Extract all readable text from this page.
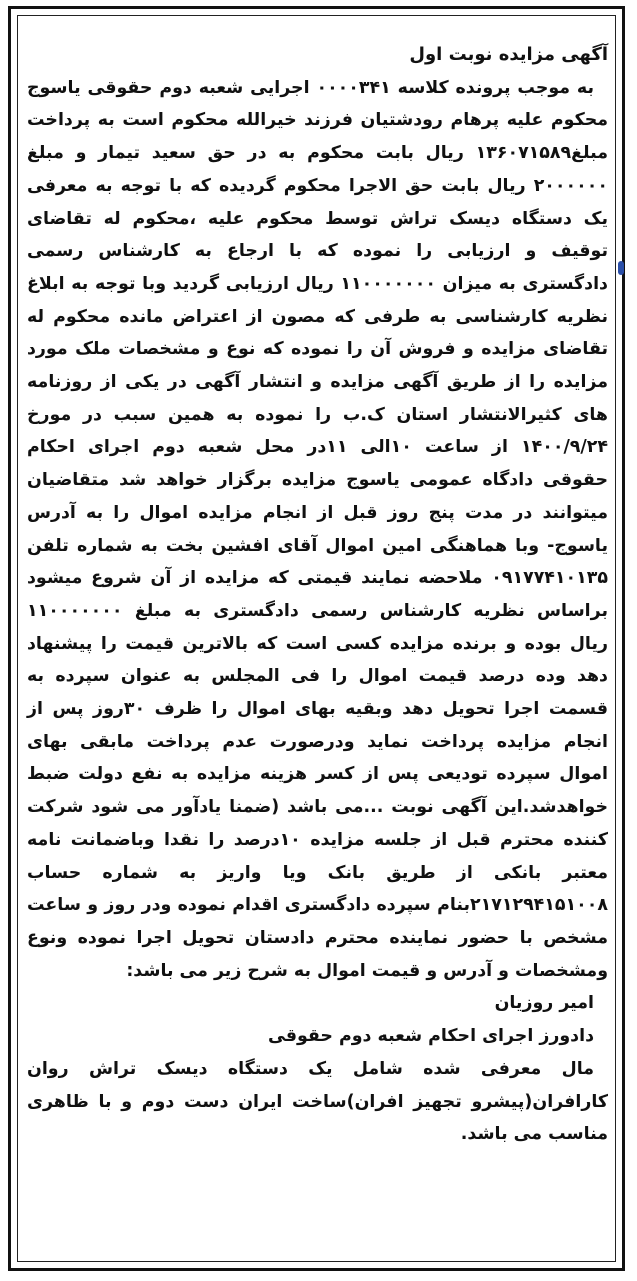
آگهی مزایده نوبت اول

به موجب پرونده کلاسه ۰۰۰۰۳۴۱ اجرایی شعبه دوم حقوقی یاسوج محکوم علیه پرهام رودشتیان فرزند خیرالله محکوم است به پرداخت مبلغ۱۳۶۰۷۱۵۸۹ ریال بابت محکوم به در حق سعید تیمار و مبلغ ۲۰۰۰۰۰۰ ریال بابت حق الاجرا محکوم گردیده که با توجه به معرفی یک دستگاه دیسک تراش توسط محکوم علیه ،محکوم له تقاضای توقیف و ارزیابی را نموده که با ارجاع به کارشناس رسمی دادگستری به میزان ۱۱۰۰۰۰۰۰۰ ریال ارزیابی گردید وبا توجه به ابلاغ نظریه کارشناسی به طرفی که مصون از اعتراض مانده محکوم له تقاضای مزایده و فروش آن را نموده که نوع و مشخصات ملک مورد مزایده را از طریق آگهی مزایده و انتشار آگهی در یکی از روزنامه های کثیرالانتشار استان ک.ب را نموده به همین سبب در مورخ ۱۴۰۰/۹/۲۴ از ساعت ۱۰الی ۱۱در محل شعبه دوم اجرای احکام حقوقی دادگاه عمومی یاسوج مزایده برگزار خواهد شد متقاضیان میتوانند در مدت پنج روز قبل از انجام مزایده اموال را به آدرس یاسوج- وبا هماهنگی امین اموال آقای افشین بخت به شماره تلفن ۰۹۱۷۷۴۱۰۱۳۵ ملاحضه نمایند قیمتی که مزایده از آن شروع میشود براساس نظریه کارشناس رسمی دادگستری به مبلغ ۱۱۰۰۰۰۰۰۰ ریال بوده و برنده مزایده کسی است که بالاترین قیمت را پیشنهاد دهد وده درصد قیمت اموال را فی المجلس به عنوان سپرده به قسمت اجرا تحویل دهد وبقیه بهای اموال را ظرف ۳۰روز پس از انجام مزایده پرداخت نماید ودرصورت عدم پرداخت مابقی بهای اموال سپرده تودیعی پس از کسر هزینه مزایده به نفع دولت ضبط خواهدشد.این آگهی نوبت ...می باشد (ضمنا یادآور می شود شرکت کننده محترم قبل از جلسه مزایده ۱۰درصد را نقدا وباضمانت نامه معتبر بانکی از طریق بانک ویا واریز به شماره حساب ۲۱۷۱۲۹۴۱۵۱۰۰۸بنام سپرده دادگستری اقدام نموده ودر روز و ساعت مشخص با حضور نماینده محترم دادستان تحویل اجرا نموده ونوع ومشخصات و آدرس و قیمت اموال به شرح زیر می باشد:

امیر روزیان
دادورز اجرای احکام شعبه دوم حقوقی

مال معرفی شده شامل یک دستگاه دیسک تراش روان کارافران(پیشرو تجهیز افران)ساخت ایران دست دوم و با ظاهری مناسب می باشد.
